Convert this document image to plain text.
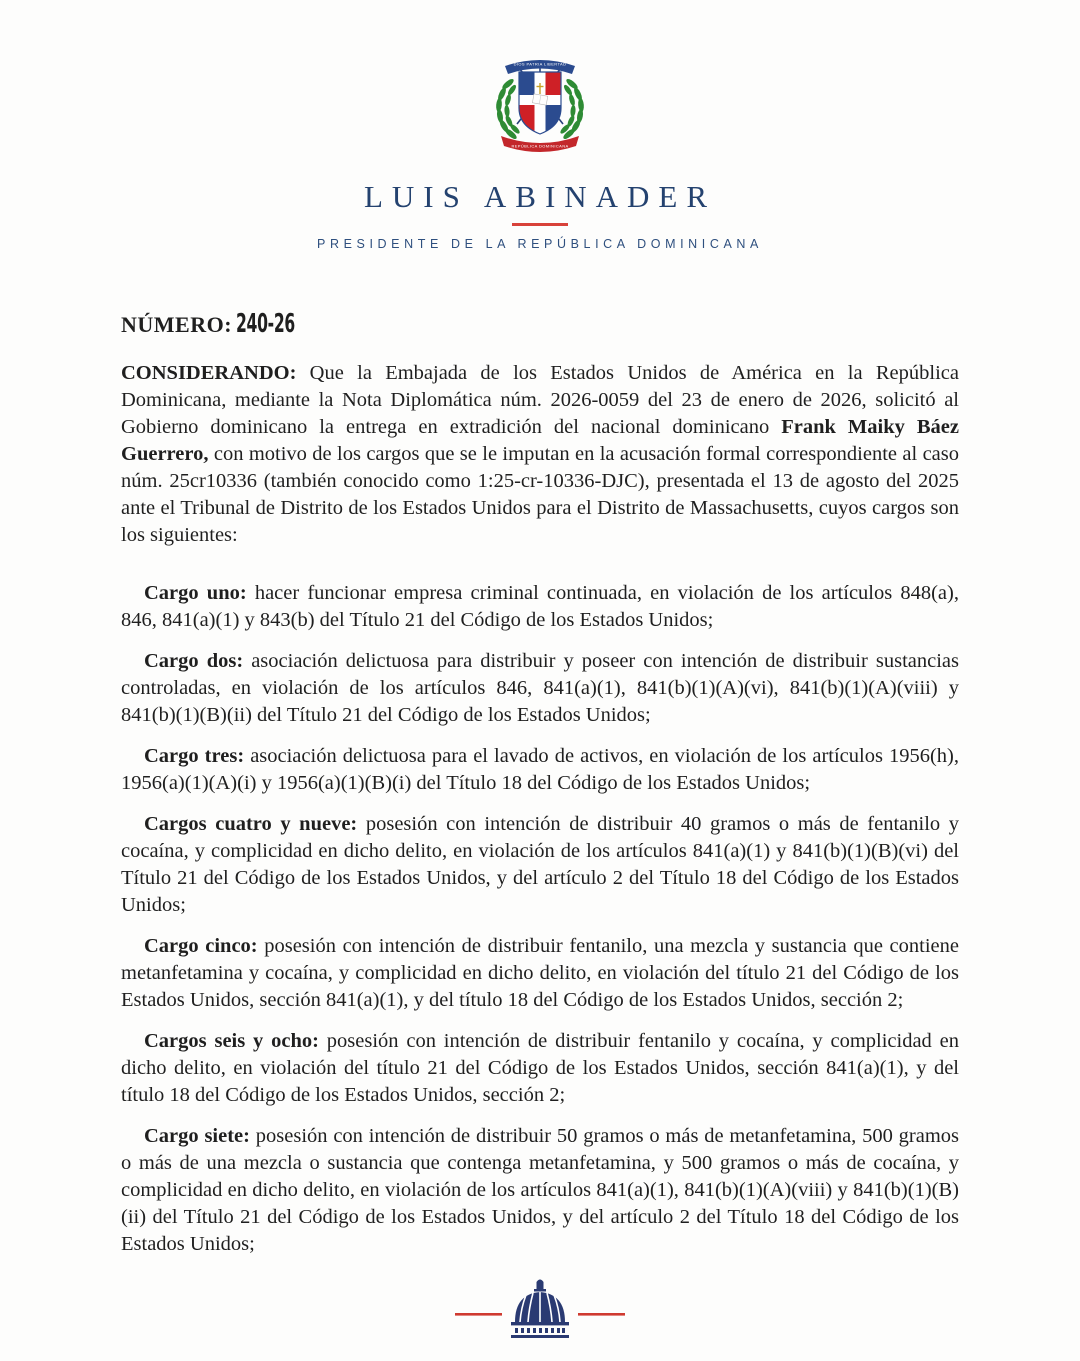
DIOS PATRIA LIBERTAD
REPÚBLICA DOMINICANA
LUIS ABINADER
PRESIDENTE DE LA REPÚBLICA DOMINICANA
NÚMERO: 240-26

CONSIDERANDO: Que la Embajada de los Estados Unidos de América en la República Dominicana, mediante la Nota Diplomática núm. 2026-0059 del 23 de enero de 2026, solicitó al Gobierno dominicano la entrega en extradición del nacional dominicano Frank Maiky Báez Guerrero, con motivo de los cargos que se le imputan en la acusación formal correspondiente al caso núm. 25cr10336 (también conocido como 1:25-cr-10336-DJC), presentada el 13 de agosto del 2025 ante el Tribunal de Distrito de los Estados Unidos para el Distrito de Massachusetts, cuyos cargos son los siguientes:

Cargo uno: hacer funcionar empresa criminal continuada, en violación de los artículos 848(a), 846, 841(a)(1) y 843(b) del Título 21 del Código de los Estados Unidos;

Cargo dos: asociación delictuosa para distribuir y poseer con intención de distribuir sustancias controladas, en violación de los artículos 846, 841(a)(1), 841(b)(1)(A)(vi), 841(b)(1)(A)(viii) y 841(b)(1)(B)(ii) del Título 21 del Código de los Estados Unidos;

Cargo tres: asociación delictuosa para el lavado de activos, en violación de los artículos 1956(h), 1956(a)(1)(A)(i) y 1956(a)(1)(B)(i) del Título 18 del Código de los Estados Unidos;

Cargos cuatro y nueve: posesión con intención de distribuir 40 gramos o más de fentanilo y cocaína, y complicidad en dicho delito, en violación de los artículos 841(a)(1) y 841(b)(1)(B)(vi) del Título 21 del Código de los Estados Unidos, y del artículo 2 del Título 18 del Código de los Estados Unidos;

Cargo cinco: posesión con intención de distribuir fentanilo, una mezcla y sustancia que contiene metanfetamina y cocaína, y complicidad en dicho delito, en violación del título 21 del Código de los Estados Unidos, sección 841(a)(1), y del título 18 del Código de los Estados Unidos, sección 2;

Cargos seis y ocho: posesión con intención de distribuir fentanilo y cocaína, y complicidad en dicho delito, en violación del título 21 del Código de los Estados Unidos, sección 841(a)(1), y del título 18 del Código de los Estados Unidos, sección 2;

Cargo siete: posesión con intención de distribuir 50 gramos o más de metanfetamina, 500 gramos o más de una mezcla o sustancia que contenga metanfetamina, y 500 gramos o más de cocaína, y complicidad en dicho delito, en violación de los artículos 841(a)(1), 841(b)(1)(A)(viii) y 841(b)(1)(B)(ii) del Título 21 del Código de los Estados Unidos, y del artículo 2 del Título 18 del Código de los Estados Unidos;
